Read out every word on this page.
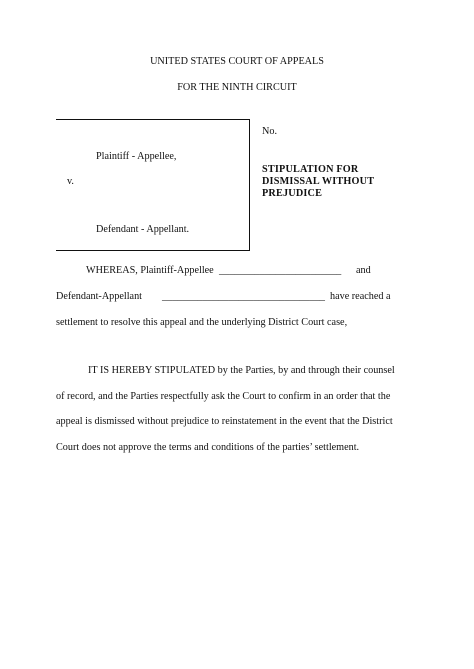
UNITED STATES COURT OF APPEALS
FOR THE NINTH CIRCUIT
Plaintiff - Appellee,
v.
Defendant - Appellant.
No.
STIPULATION FOR
DISMISSAL WITHOUT
PREJUDICE
WHEREAS, Plaintiff-Appellee ________________________ and
Defendant-Appellant ________________________________ have reached a
settlement to resolve this appeal and the underlying District Court case,
IT IS HEREBY STIPULATED by the Parties, by and through their counsel
of record, and the Parties respectfully ask the Court to confirm in an order that the
appeal is dismissed without prejudice to reinstatement in the event that the District
Court does not approve the terms and conditions of the parties’ settlement.
